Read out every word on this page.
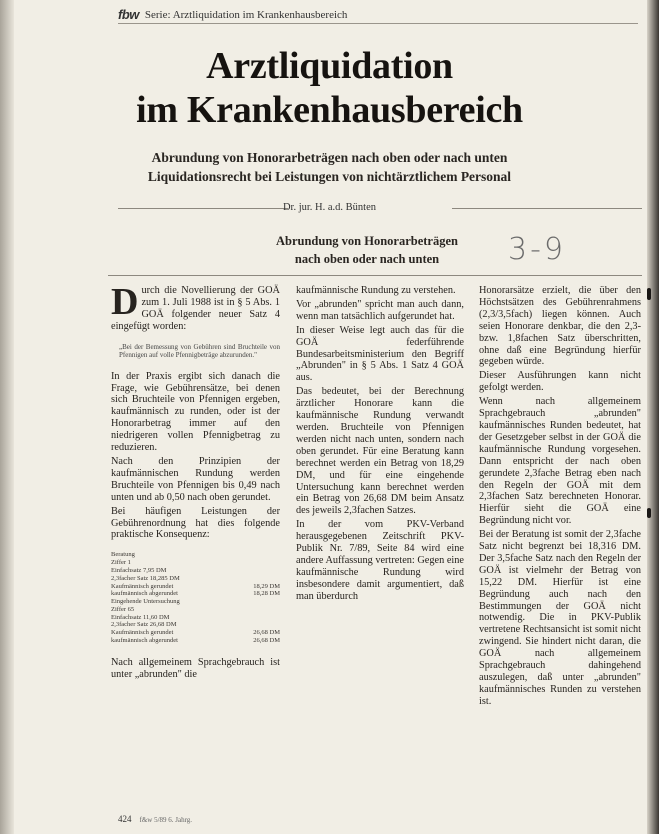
fbw Serie: Arztliquidation im Krankenhausbereich
Arztliquidation
im Krankenhausbereich
Abrundung von Honorarbeträgen nach oben oder nach unten
Liquidationsrecht bei Leistungen von nichtärztlichem Personal
Dr. jur. H. a.d. Bünten
Abrundung von Honorarbeträgen
nach oben oder nach unten	3-9

Durch die Novellierung der GOÄ zum 1. Juli 1988 ist in § 5 Abs. 1 GOÄ folgender neuer Satz 4 eingefügt worden:

„Bei der Bemessung von Gebühren sind Bruchteile von Pfennigen auf volle Pfennigbeträge abzurunden."

In der Praxis ergibt sich danach die Frage, wie Gebührensätze, bei denen sich Bruchteile von Pfennigen ergeben, kaufmännisch zu runden, oder ist der Honorarbetrag immer auf den niedrigeren vollen Pfennigbetrag zu reduzieren.

Nach den Prinzipien der kaufmännischen Rundung werden Bruchteile von Pfennigen bis 0,49 nach unten und ab 0,50 nach oben gerundet.

Bei häufigen Leistungen der Gebührenordnung hat dies folgende praktische Konsequenz:

Beratung
Ziffer 1
Einfachsatz 7,95 DM
2,3facher Satz 18,285 DM
Kaufmännisch gerundet	18,29 DM
kaufmännisch abgerundet	18,28 DM
Eingehende Untersuchung
Ziffer 65
Einfachsatz 11,60 DM
2,3facher Satz 26,68 DM
Kaufmännisch gerundet	26,68 DM
kaufmännisch abgerundet	26,68 DM

Nach allgemeinem Sprachgebrauch ist unter „abrunden" die

kaufmännische Rundung zu verstehen.

Vor „abrunden" spricht man auch dann, wenn man tatsächlich aufgerundet hat.

In dieser Weise legt auch das für die GOÄ federführende Bundesarbeitsministerium den Begriff „Abrunden" in § 5 Abs. 1 Satz 4 GOÄ aus.

Das bedeutet, bei der Berechnung ärztlicher Honorare kann die kaufmännische Rundung verwandt werden. Bruchteile von Pfennigen werden nicht nach unten, sondern nach oben gerundet. Für eine Beratung kann berechnet werden ein Betrag von 18,29 DM, und für eine eingehende Untersuchung kann berechnet werden ein Betrag von 26,68 DM beim Ansatz des jeweils 2,3fachen Satzes.

In der vom PKV-Verband herausgegebenen Zeitschrift PKV-Publik Nr. 7/89, Seite 84 wird eine andere Auffassung vertreten: Gegen eine kaufmännische Rundung wird insbesondere damit argumentiert, daß man überdurch

Honorarsätze erzielt, die über den Höchstsätzen des Gebührenrahmens (2,3/3,5fach) liegen können. Auch seien Honorare denkbar, die den 2,3- bzw. 1,8fachen Satz überschritten, ohne daß eine Begründung hierfür gegeben würde.

Dieser Ausführungen kann nicht gefolgt werden.

Wenn nach allgemeinem Sprachgebrauch „abrunden" kaufmännisches Runden bedeutet, hat der Gesetzgeber selbst in der GOÄ die kaufmännische Rundung vorgesehen. Dann entspricht der nach oben gerundete 2,3fache Betrag eben nach den Regeln der GOÄ mit dem 2,3fachen Satz berechneten Honorar. Hierfür sieht die GOÄ eine Begründung nicht vor.

Bei der Beratung ist somit der 2,3fache Satz nicht begrenzt bei 18,316 DM. Der 3,5fache Satz nach den Regeln der GOÄ ist vielmehr der Betrag von 15,22 DM. Hierfür ist eine Begründung auch nach den Bestimmungen der GOÄ nicht notwendig. Die in PKV-Publik vertretene Rechtsansicht ist somit nicht zwingend. Sie hindert nicht daran, die GOÄ nach allgemeinem Sprachgebrauch dahingehend auszulegen, daß unter „abrunden" kaufmännisches Runden zu verstehen ist.

424 f&w 5/89 6. Jahrg.
